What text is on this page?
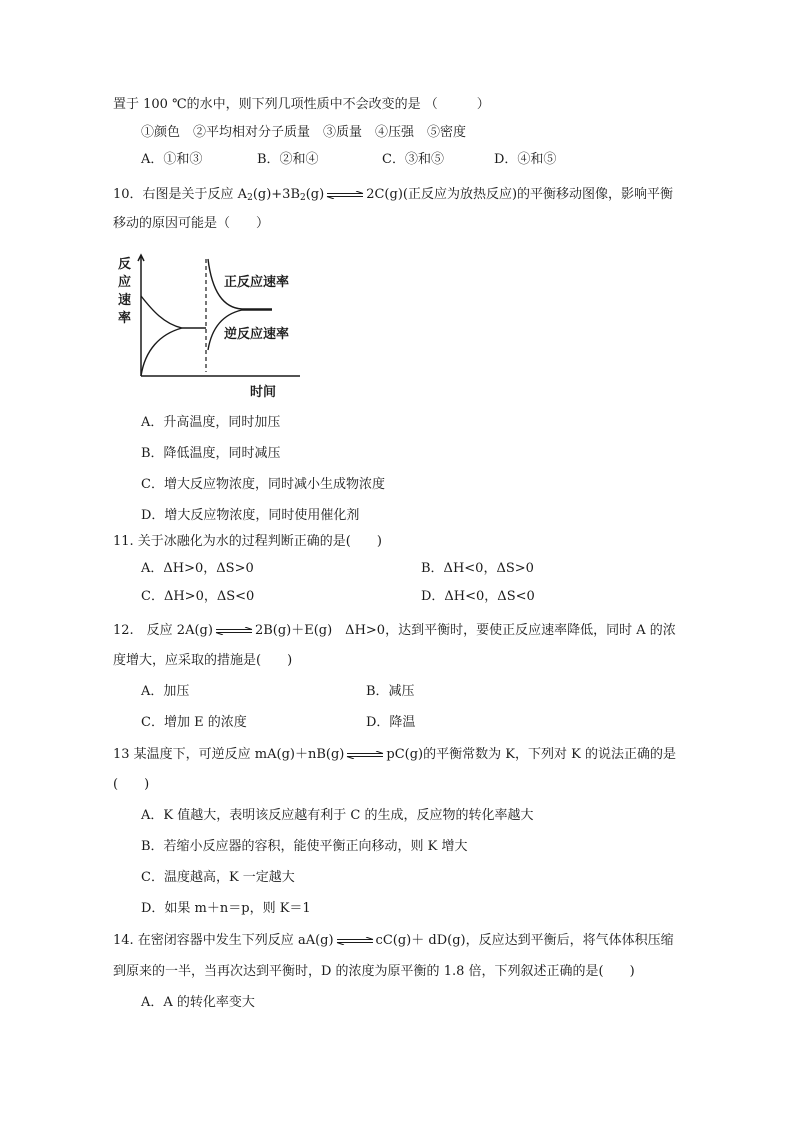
置于 100 ℃的水中，则下列几项性质中不会改变的是 （　　　）
①颜色　②平均相对分子质量　③质量　④压强　⑤密度
A．①和③	B．②和④	C．③和⑤	D．④和⑤
10．右图是关于反应 $A_2(g)+3B_2(g)$ ⇌ 2C(g)(正反应为放热反应)的平衡移动图像，影响平衡
移动的原因可能是（　　）
反
应
速
率
正反应速率
逆反应速率
时间
A．升高温度，同时加压
B．降低温度，同时减压
C．增大反应物浓度，同时减小生成物浓度
D．增大反应物浓度，同时使用催化剂
11. 关于冰融化为水的过程判断正确的是(　　)
A．ΔH>0，ΔS>0	B．ΔH<0，ΔS>0
C．ΔH>0，ΔS<0	D．ΔH<0，ΔS<0
12.　反应 2A(g) ⇌ 2B(g)＋E(g)　ΔH>0，达到平衡时，要使正反应速率降低，同时 A 的浓
度增大，应采取的措施是(　　)
A．加压	B．减压
C．增加 E 的浓度	D．降温
13 某温度下，可逆反应 mA(g)＋nB(g) ⇌ pC(g)的平衡常数为 K，下列对 K 的说法正确的是
(　　)
A．K 值越大，表明该反应越有利于 C 的生成，反应物的转化率越大
B．若缩小反应器的容积，能使平衡正向移动，则 K 增大
C．温度越高，K 一定越大
D．如果 m＋n＝p，则 K＝1
14. 在密闭容器中发生下列反应 aA(g) ⇌ cC(g)＋ dD(g)，反应达到平衡后，将气体体积压缩
到原来的一半，当再次达到平衡时，D 的浓度为原平衡的 1.8 倍，下列叙述正确的是(　　)
A．A 的转化率变大
